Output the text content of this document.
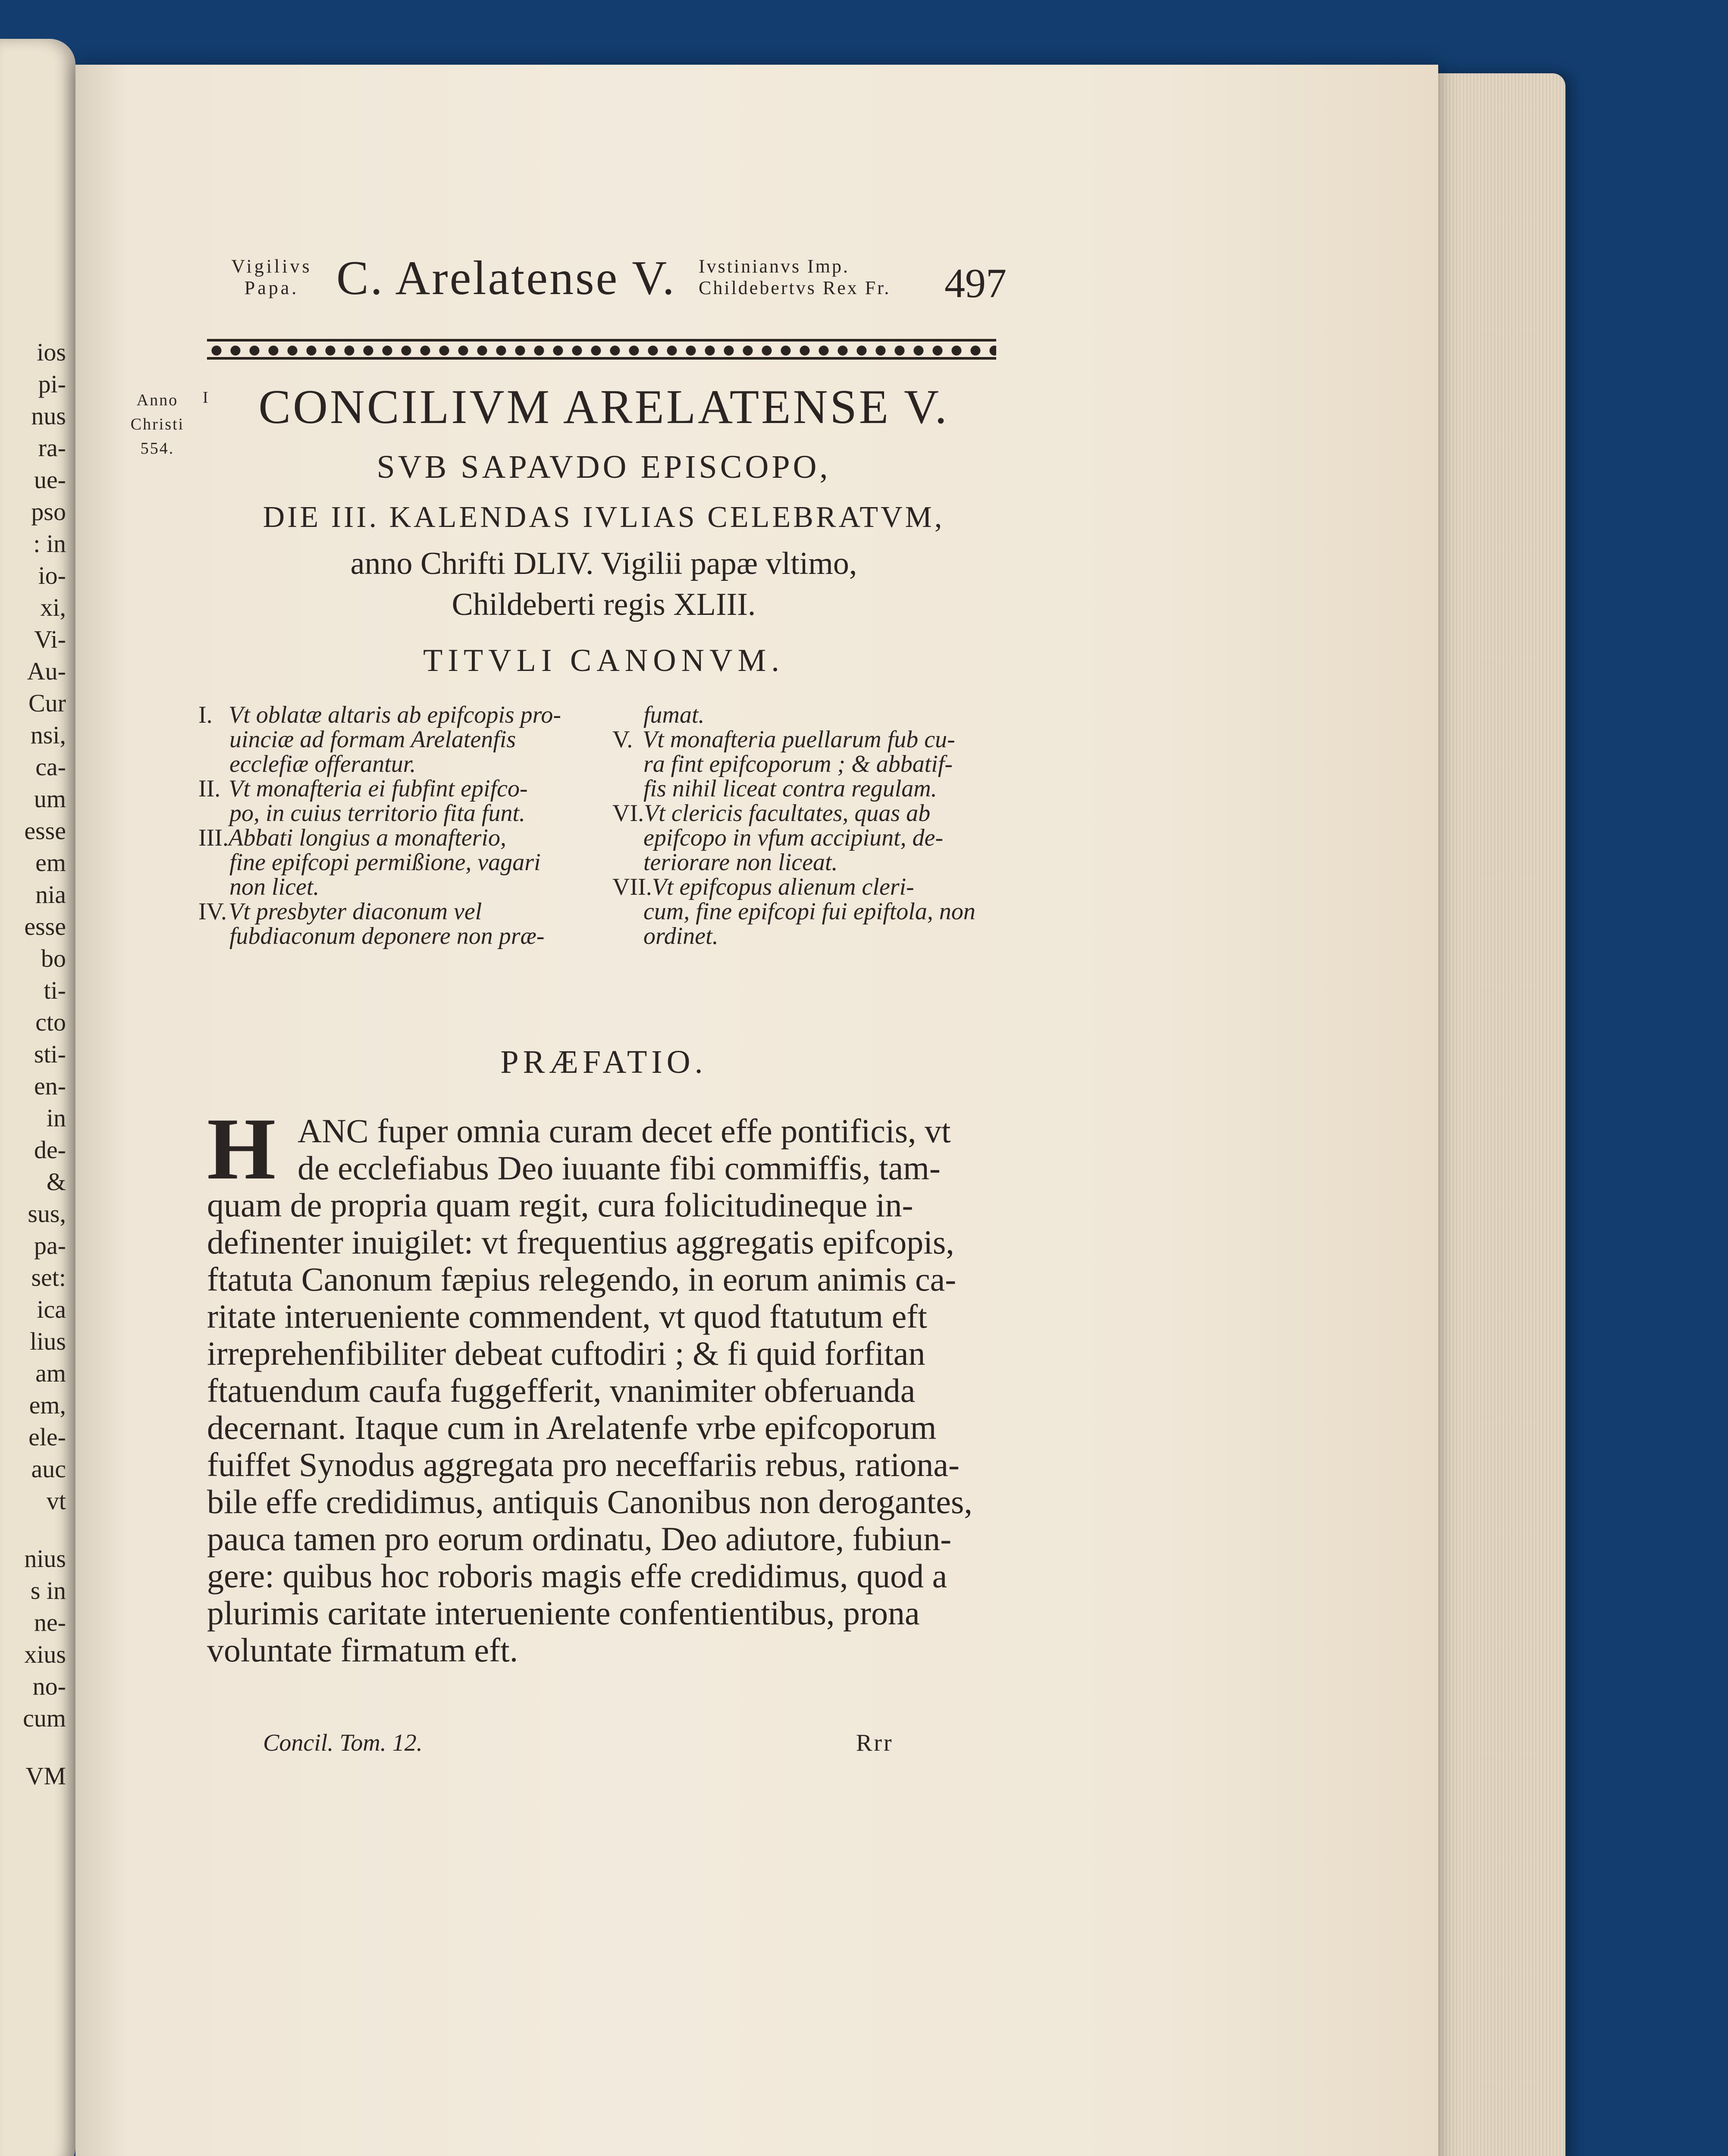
ios
pi-
nus
ra-
ue-
pso
: in
io-
xi,
Vi-
Au-
Cur
nsi,
ca-
um
esse
em
nia
esse
bo
ti-
cto
sti-
en-
in
de-
&
sus,
pa-
set:
ica
lius
am
em,
ele-
auc
vt
nius
s in
ne-
xius
no-
cum
VM
Vigilivs
Papa. C. Arelatense V. Ivstinianvs Imp.
Childebertvs Rex Fr. 497
Anno
Christi
554.
I	CONCILIVM ARELATENSE V.
SVB SAPAVDO EPISCOPO,
DIE III. KALENDAS IVLIAS CELEBRATVM,
anno Chrifti DLIV. Vigilii papæ vltimo,
Childeberti regis XLIII.
TITVLI CANONVM.
I. Vt oblatæ altaris ab epifcopis pro-
uinciæ ad formam Arelatenfis
ecclefiæ offerantur.
II. Vt monafteria ei fubfint epifco-
po, in cuius territorio fita funt.
III.Abbati longius a monafterio,
fine epifcopi permißione, vagari
non licet.
IV.Vt presbyter diaconum vel
fubdiaconum deponere non præ-
fumat.
V. Vt monafteria puellarum fub cu-
ra fint epifcoporum ; & abbatif-
fis nihil liceat contra regulam.
VI.Vt clericis facultates, quas ab
epifcopo in vfum accipiunt, de-
teriorare non liceat.
VII.Vt epifcopus alienum cleri-
cum, fine epifcopi fui epiftola, non
ordinet.
PRÆFATIO.
H ANC fuper omnia curam decet effe pontificis, vt
de ecclefiabus Deo iuuante fibi commiffis, tam-
quam de propria quam regit, cura folicitudineque in-
definenter inuigilet: vt frequentius aggregatis epifcopis,
ftatuta Canonum fæpius relegendo, in eorum animis ca-
ritate interueniente commendent, vt quod ftatutum eft
irreprehenfibiliter debeat cuftodiri ; & fi quid forfitan
ftatuendum caufa fuggefferit, vnanimiter obferuanda
decernant. Itaque cum in Arelatenfe vrbe epifcoporum
fuiffet Synodus aggregata pro neceffariis rebus, rationa-
bile effe credidimus, antiquis Canonibus non derogantes,
pauca tamen pro eorum ordinatu, Deo adiutore, fubiun-
gere: quibus hoc roboris magis effe credidimus, quod a
plurimis caritate interueniente confentientibus, prona
voluntate firmatum eft.
Concil. Tom. 12.	Rrr
